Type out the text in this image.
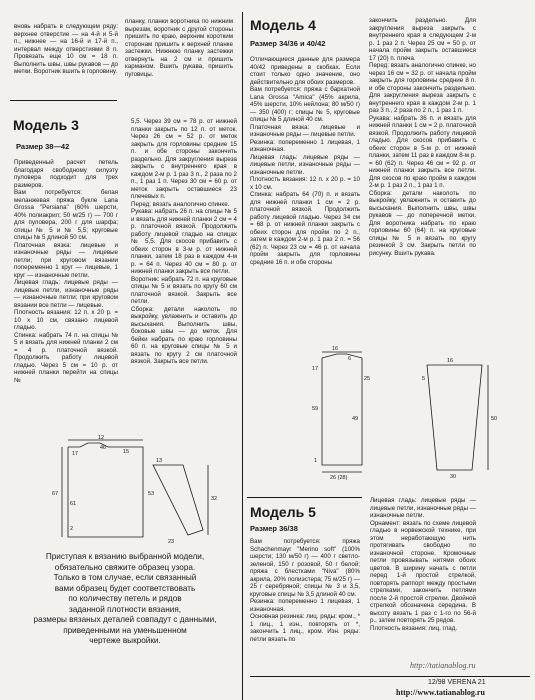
вновь набрать в следующем ряду: верхнее отверстие — на 4-й и 5-й п., нижнее — на 16-й и 17-й п., интервал между отверстиями 8 п. Провязать еще 10 см = 18 п. Выполнить швы, швы рукавов — до метки. Воротник вшить в горловину.

планку, планки воротника по нижним вырезам, воротник с другой стороны пришить по краю, верхним коротким сторонам пришить к верхней планке застежки. Нижнюю планку застежки отвернуть на 2 см и пришить карманом. Вшить рукава, пришить пуговицы.

Модель 3
Размер 38—42

Приведенный расчет петель благодаря свободному силуэту пуловера подходит для трех размеров.

Вам потребуется: белая меланжевая пряжа букле Lana Grossa "Persiana" (60% шерсти, 40% полиакрил; 50 м/25 г) — 700 г для пуловера, 200 г для шарфа; спицы № 5 и № 5,5; круговые спицы № 5 длиной 50 см.

Платочная вязка: лицевые и изнаночные ряды — лицевые петли; при круговом вязании попеременно 1 круг — лицевые, 1 круг — изнаночные петли.

Лицевая гладь: лицевые ряды — лицевые петли, изнаночные ряды — изнаночные петли; при круговом вязании все петли — лицевые.

Плотность вязания: 12 п. х 20 р. = 10 х 10 см, связано лицевой гладью.

Спинка: набрать 74 п. на спицы № 5 и вязать для нижней планки 2 см = 4 р. платочной вязкой. Продолжить работу лицевой гладью. Через 5 см = 10 р. от нижней планки перейти на спицы №

5,5. Через 39 см = 78 р. от нижней планки закрыть по 12 п. от меток. Через 26 см = 52 р. от меток закрыть для горловины средние 15 п. и обе стороны закончить раздельно. Для закругления выреза закрыть с внутреннего края в каждом 2-м р. 1 раз 3 п., 2 раза по 2 п., 1 раз 1 п. Через 30 см = 60 р. от меток закрыть оставшиеся 23 плечевых п.

Перед: вязать аналогично спинке.

Рукава: набрать 26 п. на спицы № 5 и вязать для нижней планки 2 см = 4 р. платочной вязкой. Продолжить работу лицевой гладью на спицах № 5,5. Для скосов прибавить с обеих сторон в 3-м р. от нижней планки, затем 18 раз в каждом 4-м р. = 64 п. Через 40 см = 80 р. от нижней планки закрыть все петли.

Воротник: набрать 72 п. на круговые спицы № 5 и вязать по кругу 60 см платочной вязкой. Закрыть все петли.

Сборка: детали наколоть по выкройку, увлажнить и оставить до высыхания. Выполнить швы, боковые швы — до меток. Для бейки набрать по краю горловины 60 п. на круговые спицы № 5 и вязать по кругу 2 см платочной вязкой. Закрыть все петли.

12
46
15
17
13
67
61
2
32
23
53
Приступая к вязанию выбранной модели,
обязательно свяжите образец узора.
Только в том случае, если связанный
вами образец будет соответствовать
по количеству петель и рядов
заданной плотности вязания,
размеры вязаных деталей совпадут с данными,
приведенными на уменьшенном
чертеже выкройки.
Модель 4
Размер 34/36 и 40/42

Отличающиеся данные для размера 40/42 приведены в скобках. Если стоит только одно значение, оно действительно для обоих размеров.

Вам потребуется: пряжа с бархатной Lana Grossa "Amica" (45% акрила, 45% шерсти, 10% нейлона; 80 м/50 г) — 350 (400) г; спицы № 5, круговые спицы № 5 длиной 40 см.

Платочная вязка: лицевые и изнаночные ряды — лицевые петли.

Резинка: попеременно 1 лицевая, 1 изнаночная.

Лицевая гладь: лицевые ряды — лицевые петли, изнаночные ряды — изнаночные петли.

Плотность вязания: 12 п. х 20 р. = 10 х 10 см.

Спинка: набрать 64 (70) п. и вязать для нижней планки 1 см = 2 р. платочной вязкой. Продолжить работу лицевой гладью. Через 34 см = 68 р. от нижней планки закрыть с обеих сторон для пройм по 2 п., затем в каждом 2-м р. 1 раз 2 п. = 56 (62) п. Через 23 см = 46 р. от начала пройм закрыть для горловины средние 16 п. и обе стороны

закончить раздельно. Для закругления выреза закрыть с внутреннего края в следующем 2-м р. 1 раз 2 п. Через 25 см = 50 р. от начала пройм закрыть оставшиеся 17 (20) п. плеча.

Перед: вязать аналогично спинке, но через 16 см = 32 р. от начала пройм закрыть для горловины средние 8 п. и обе стороны закончить раздельно. Для закругления выреза закрыть с внутреннего края в каждом 2-м р. 1 раз 3 п., 2 раза по 2 п., 1 раз 1 п.

Рукава: набрать 36 п. и вязать для нижней планки 1 см = 2 р. платочной вязкой. Продолжить работу лицевой гладью. Для скосов прибавить с обеих сторон в 5-м р. от нижней планки, затем 11 раз в каждом 8-м р. = 60 (62) п. Через 46 см = 92 р. от нижней планки закрыть все петли. Для скосов по краю пройм в каждом 2-м р. 1 раз 2 п., 1 раз 1 п.

Сборка: детали наколоть по выкройку, увлажнить и оставить до высыхания. Выполнить швы, швы рукавов — до поперечной метки. Для воротника набрать по краю горловины 60 (64) п. на круговые спицы № 5 и вязать по кругу резинкой 3 см. Закрыть петли по рисунку. Вшить рукава.

16
6
17
25
59
49
1
26 (28)
16
5
50
30
Модель 5
Размер 36/38

Вам потребуется: пряжа Schachenmayr "Merino soft" (100% шерсти; 130 м/50 г) — 400 г светло-зеленой, 150 г розовой, 50 г белой; пряжа с блестками "Niva" (80% акрила, 20% полиэстера; 75 м/25 г) — 25 г серебряной; спицы № 3 и 3,5, круговые спицы № 3,5 длиной 40 см.

Резинка: попеременно 1 лицевая, 1 изнаночная.

Основная резинка: лиц. ряды: кром., * 1 лиц., 1 изн., повторять от *, закончить 1 лиц., кром. Изн. ряды: петли вязать по

Лицевая гладь: лицевые ряды — лицевые петли, изнаночные ряды — изнаночные петли.

Орнамент: вязать по схеме лицевой гладью в норвежской технике, при этом неработающую нить протягивать свободно по изнаночной стороне. Кромочные петли провязывать нитями обоих цветов. В ширину начать с петли перед 1-й простой стрелкой, повторять раппорт между простыми стрелками, закончить петлями после 2-й простой стрелки. Двойной стрелкой обозначена середина. В высоту вязать 1 раз с 1-го по 56-й р., затем повторять 25 рядов.

Плотность вязания: лиц. глад.

http://tatianablog.ru
12/98 VERENA 21
http://www.tatianablog.ru
